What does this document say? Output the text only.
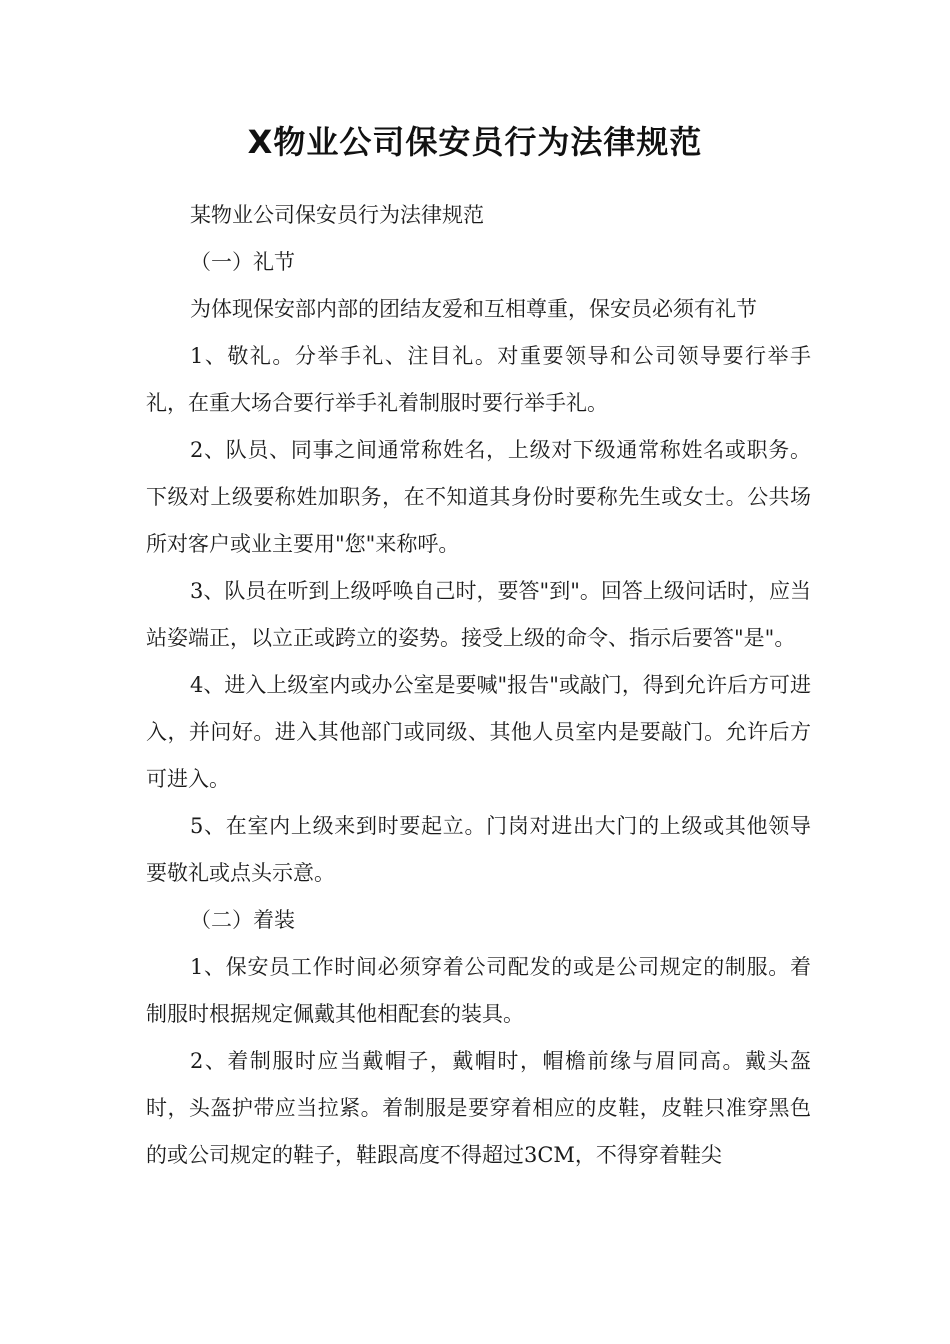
X物业公司保安员行为法律规范

某物业公司保安员行为法律规范

（一）礼节

为体现保安部内部的团结友爱和互相尊重，保安员必须有礼节

1、敬礼。分举手礼、注目礼。对重要领导和公司领导要行举手礼，在重大场合要行举手礼着制服时要行举手礼。

2、队员、同事之间通常称姓名，上级对下级通常称姓名或职务。下级对上级要称姓加职务，在不知道其身份时要称先生或女士。公共场所对客户或业主要用"您"来称呼。

3、队员在听到上级呼唤自己时，要答"到"。回答上级问话时，应当站姿端正，以立正或跨立的姿势。接受上级的命令、指示后要答"是"。

4、进入上级室内或办公室是要喊"报告"或敲门，得到允许后方可进入，并问好。进入其他部门或同级、其他人员室内是要敲门。允许后方可进入。

5、在室内上级来到时要起立。门岗对进出大门的上级或其他领导要敬礼或点头示意。

（二）着装

1、保安员工作时间必须穿着公司配发的或是公司规定的制服。着制服时根据规定佩戴其他相配套的装具。

2、着制服时应当戴帽子，戴帽时，帽檐前缘与眉同高。戴头盔时，头盔护带应当拉紧。着制服是要穿着相应的皮鞋，皮鞋只准穿黑色的或公司规定的鞋子，鞋跟高度不得超过3CM，不得穿着鞋尖
